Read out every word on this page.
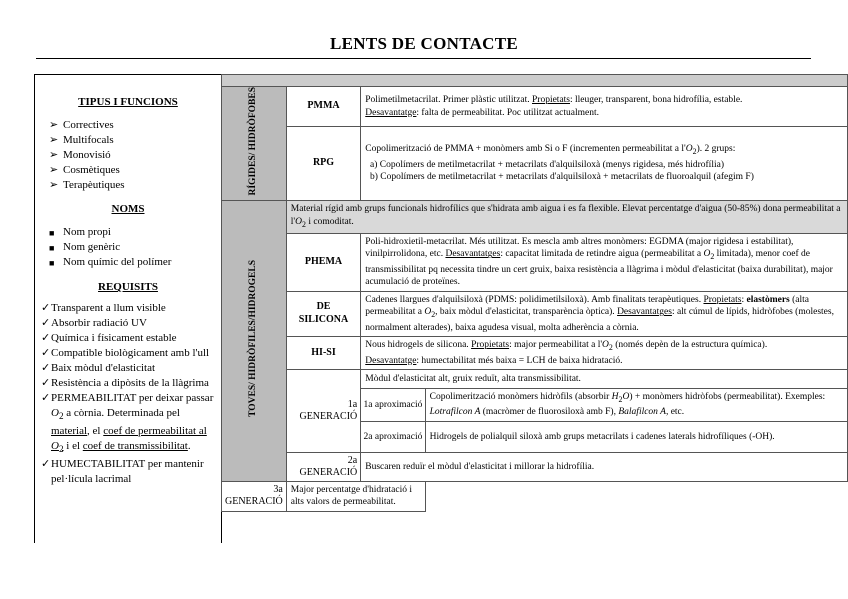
LENTS DE CONTACTE
TIPUS I FUNCIONS
➢ Correctives
➢ Multifocals
➢ Monovisió
➢ Cosmètiques
➢ Terapèutiques
NOMS
■ Nom propi
■ Nom genèric
■ Nom químic del polímer
REQUISITS
✓ Transparent a llum visible
✓ Absorbir radiació UV
✓ Química i físicament estable
✓ Compatible biològicament amb l'ull
✓ Baix mòdul d'elasticitat
✓ Resistència a dipòsits de la llàgrima
✓ PERMEABILITAT per deixar passar $O_2$ a còrnia. Determinada pel material, el coef de permeabilitat al $O_2$ i el coef de transmissibilitat.
✓ HUMECTABILITAT per mantenir pel·lícula lacrimal

RÍGIDES/ HIDRÒFOBES	PMMA	Polimetilmetacrilat. Primer plàstic utilitzat. Propietats: lleuger, transparent, bona hidrofília, estable.
Desavantatge: falta de permeabilitat. Poc utilitzat actualment.	
	RPG	Copolimerització de PMMA + monòmers amb Si o F (incrementen permeabilitat a $l'O_2$). 2 grups:
a) Copolímers de metilmetacrilat + metacrilats d'alquilsiloxà (menys rigidesa, més hidrofília)
b) Copolímers de metilmetacrilat + metacrilats d'alquilsiloxà + metacrilats de fluoroalquil (afegim F)	
TOVES/ HIDRÒFILES/HIDROGELS	Material rígid amb grups funcionals hidrofílics que s'hidrata amb aigua i es fa flexible. Elevat percentatge d'aigua (50-85%) dona permeabilitat a $l'O_2$ i comoditat.		
	PHEMA	Poli-hidroxietil-metacrilat. Més utilitzat. Es mescla amb altres monòmers: EGDMA (major rigidesa i estabilitat), vinilpirrolidona, etc. Desavantatges: capacitat limitada de retindre aigua (permeabilitat a $O_2$ limitada), menor coef de transmissibilitat pq necessita tindre un cert gruix, baixa resistència a llàgrima i mòdul d'elasticitat (baixa durabilitat), major acumulació de proteïnes.	
	DE SILICONA	Cadenes llargues d'alquilsiloxà (PDMS: polidimetilsiloxà). Amb finalitats terapèutiques. Propietats: elastòmers (alta permeabilitat a $O_2$, baix mòdul d'elasticitat, transparència òptica). Desavantatges: alt cúmul de lípids, hidròfobes (molestes, normalment alterades), baixa agudesa visual, molta adherència a còrnia.	
	HI-SI	Nous hidrogels de silicona. Propietats: major permeabilitat a $l'O_2$ (només depèn de la estructura química).
Desavantatge: humectabilitat més baixa = LCH de baixa hidratació.	
	1a
GENERACIÓ	Mòdul d'elasticitat alt, gruix reduït, alta transmissibilitat.	
		1a aproximació	Copolimerització monòmers hidròfils (absorbir $H_2O$) + monòmers hidròfobs (permeabilitat). Exemples: Lotrafilcon A (macròmer de fluorosiloxà amb F), Balafilcon A, etc.
		2a aproximació	Hidrogels de polialquil siloxà amb grups metacrilats i cadenes laterals hidrofíliques (-OH).
	2a
GENERACIÓ	Buscaren reduïr el mòdul d'elasticitat i millorar la hidrofília.	
3a
GENERACIÓ	Major percentatge d'hidratació i alts valors de permeabilitat.		
